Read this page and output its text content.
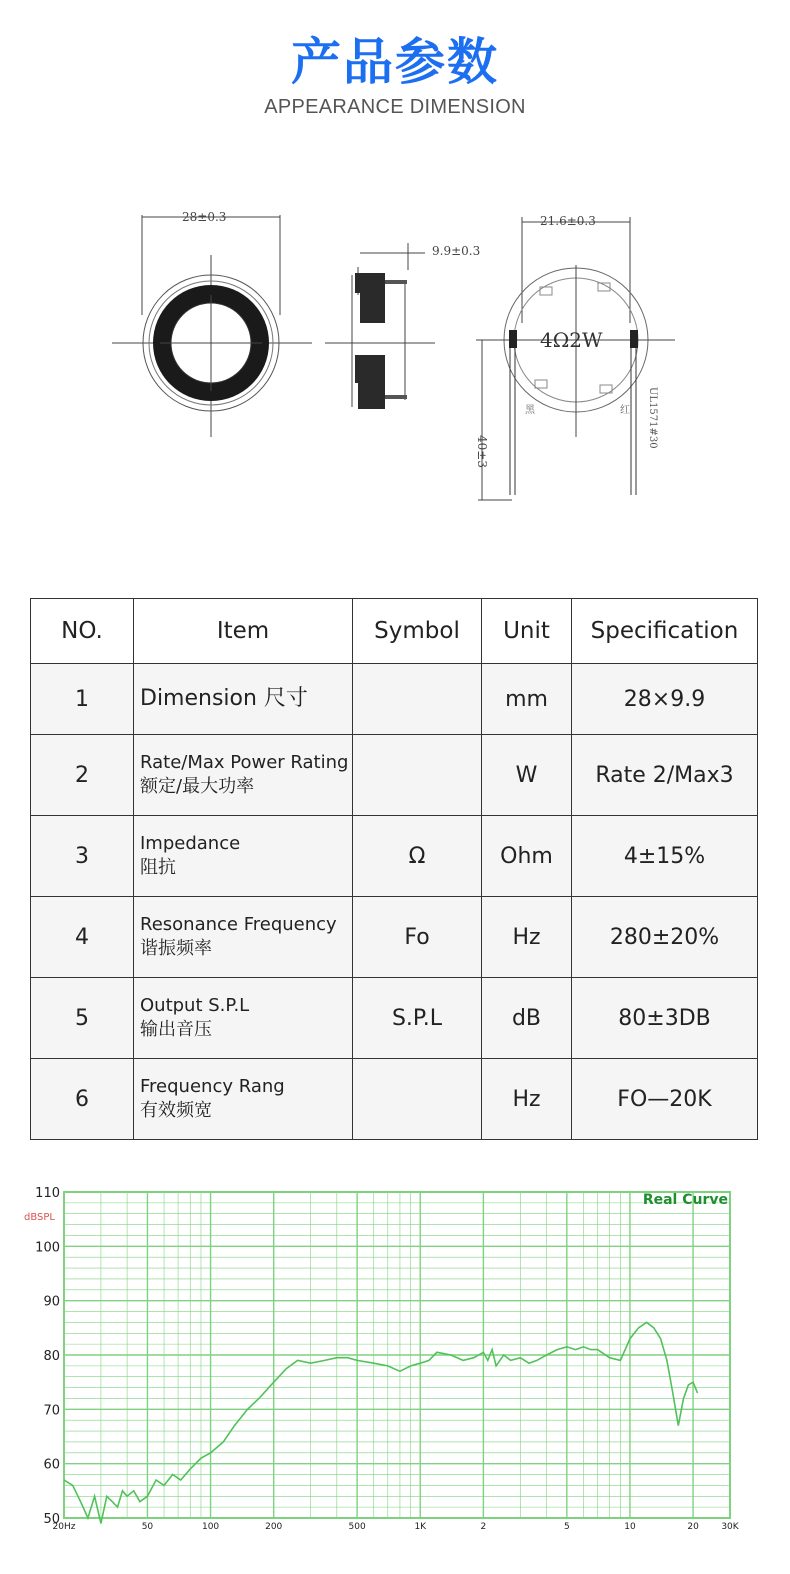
产品参数
APPEARANCE DIMENSION
28±0.3
9.9±0.3
4Ω2W
21.6±0.3
40±3
黑	红 UL1571#30
NO.	Item	Symbol	Unit	Specification
1	Dimension 尺寸		mm	28×9.9
2	Rate/Max Power Rating
额定/最大功率		W	Rate 2/Max3
3	Impedance
阻抗	Ω	Ohm	4±15%
4	Resonance Frequency
谐振频率	Fo	Hz	280±20%
5	Output S.P.L
输出音压	S.P.L	dB	80±3DB
6	Frequency Rang
有效频宽		Hz	FO—20K
50
60
70
80
90
100
110
20Hz	50	100	200	500	1K	2	5	10	20	30K
Real Curve
dBSPL
